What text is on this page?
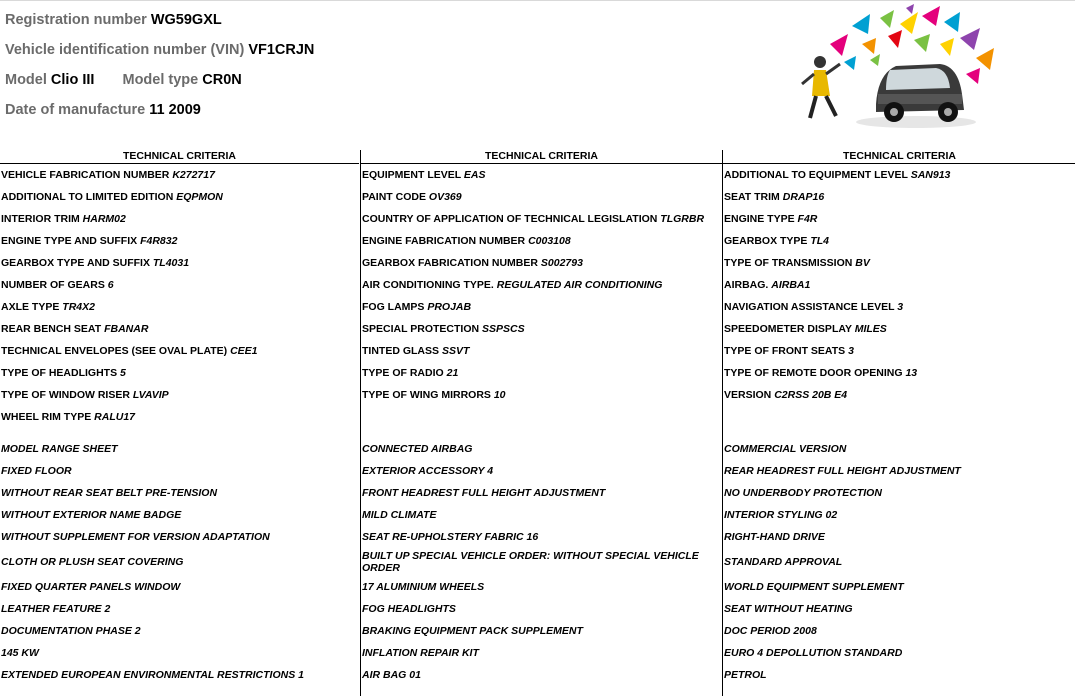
Registration number WG59GXL
Vehicle identification number (VIN) VF1CRJN
Model Clio III Model type CR0N
Date of manufacture 11 2009
TECHNICAL CRITERIA
VEHICLE FABRICATION NUMBER K272717
ADDITIONAL TO LIMITED EDITION EQPMON
INTERIOR TRIM HARM02
ENGINE TYPE AND SUFFIX F4R832
GEARBOX TYPE AND SUFFIX TL4031
NUMBER OF GEARS 6
AXLE TYPE TR4X2
REAR BENCH SEAT FBANAR
TECHNICAL ENVELOPES (SEE OVAL PLATE) CEE1
TYPE OF HEADLIGHTS 5
TYPE OF WINDOW RISER LVAVIP
WHEEL RIM TYPE RALU17
MODEL RANGE SHEET
FIXED FLOOR
WITHOUT REAR SEAT BELT PRE-TENSION
WITHOUT EXTERIOR NAME BADGE
WITHOUT SUPPLEMENT FOR VERSION ADAPTATION
CLOTH OR PLUSH SEAT COVERING
FIXED QUARTER PANELS WINDOW
LEATHER FEATURE 2
DOCUMENTATION PHASE 2
145 KW
EXTENDED EUROPEAN ENVIRONMENTAL RESTRICTIONS 1
TECHNICAL CRITERIA
EQUIPMENT LEVEL EAS
PAINT CODE OV369
COUNTRY OF APPLICATION OF TECHNICAL LEGISLATION TLGRBR
ENGINE FABRICATION NUMBER C003108
GEARBOX FABRICATION NUMBER S002793
AIR CONDITIONING TYPE. REGULATED AIR CONDITIONING
FOG LAMPS PROJAB
SPECIAL PROTECTION SSPSCS
TINTED GLASS SSVT
TYPE OF RADIO 21
TYPE OF WING MIRRORS 10
CONNECTED AIRBAG
EXTERIOR ACCESSORY 4
FRONT HEADREST FULL HEIGHT ADJUSTMENT
MILD CLIMATE
SEAT RE-UPHOLSTERY FABRIC 16
BUILT UP SPECIAL VEHICLE ORDER: WITHOUT SPECIAL VEHICLE ORDER
17 ALUMINIUM WHEELS
FOG HEADLIGHTS
BRAKING EQUIPMENT PACK SUPPLEMENT
INFLATION REPAIR KIT
AIR BAG 01
TECHNICAL CRITERIA
ADDITIONAL TO EQUIPMENT LEVEL SAN913
SEAT TRIM DRAP16
ENGINE TYPE F4R
GEARBOX TYPE TL4
TYPE OF TRANSMISSION BV
AIRBAG. AIRBA1
NAVIGATION ASSISTANCE LEVEL 3
SPEEDOMETER DISPLAY MILES
TYPE OF FRONT SEATS 3
TYPE OF REMOTE DOOR OPENING 13
VERSION C2RSS 20B E4
COMMERCIAL VERSION
REAR HEADREST FULL HEIGHT ADJUSTMENT
NO UNDERBODY PROTECTION
INTERIOR STYLING 02
RIGHT-HAND DRIVE
STANDARD APPROVAL
WORLD EQUIPMENT SUPPLEMENT
SEAT WITHOUT HEATING
DOC PERIOD 2008
EURO 4 DEPOLLUTION STANDARD
PETROL
